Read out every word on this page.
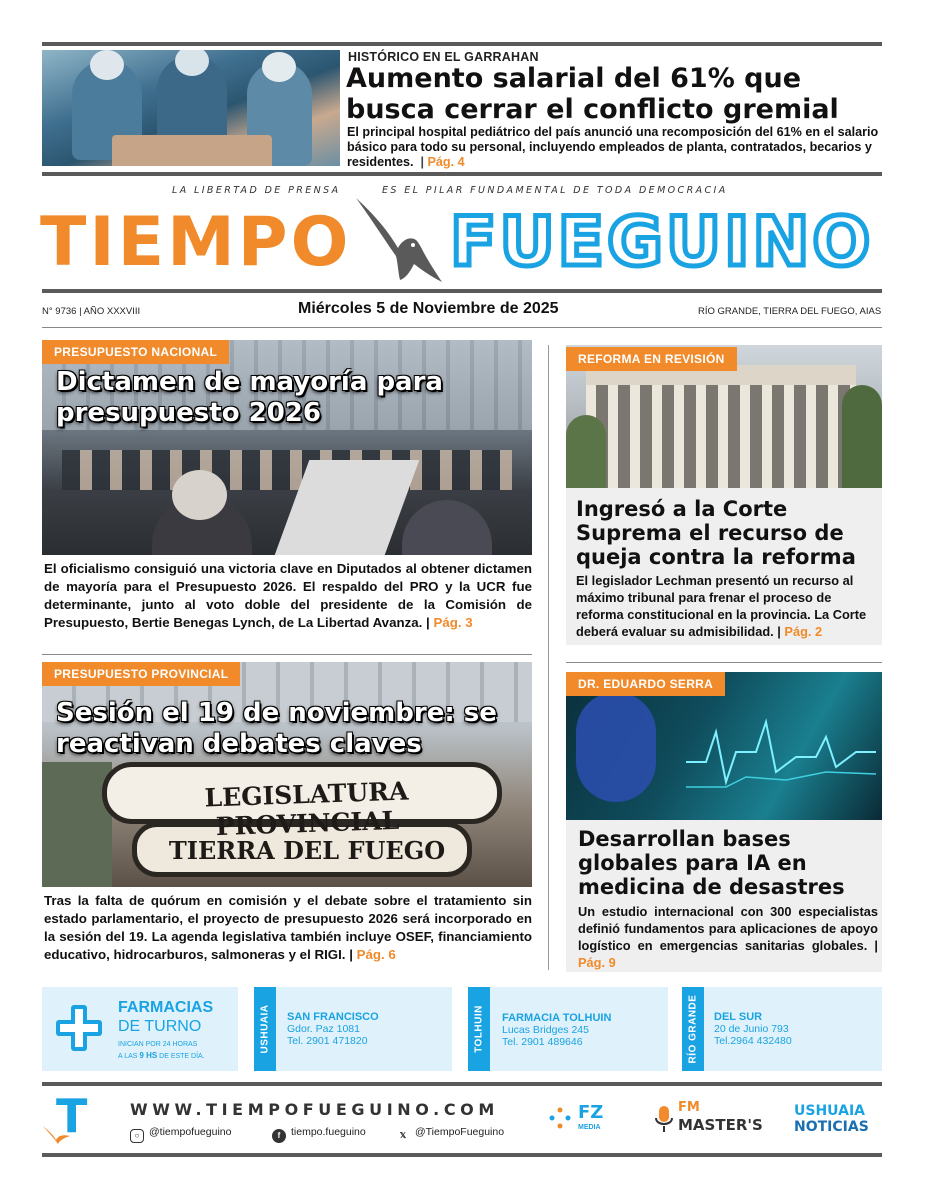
HISTÓRICO EN EL GARRAHAN
Aumento salarial del 61% que busca cerrar el conflicto gremial
El principal hospital pediátrico del país anunció una recomposición del 61% en el salario básico para todo su personal, incluyendo empleados de planta, contratados, becarios y residentes.  | Pág. 4
LA LIBERTAD DE PRENSA	ES EL PILAR FUNDAMENTAL DE TODA DEMOCRACIA
TIEMPO FUEGUINO
N° 9736 | AÑO XXXVIII	Miércoles 5 de Noviembre de 2025	RÍO GRANDE, TIERRA DEL FUEGO, AIAS
PRESUPUESTO NACIONAL
Dictamen de mayoría para presupuesto 2026
El oficialismo consiguió una victoria clave en Diputados al obtener dictamen de mayoría para el Presupuesto 2026. El respaldo del PRO y la UCR fue determinante, junto al voto doble del presidente de la Comisión de Presupuesto, Bertie Benegas Lynch, de La Libertad Avanza. | Pág. 3
LEGISLATURA PROVINCIAL
TIERRA DEL FUEGO
PRESUPUESTO PROVINCIAL
Sesión el 19 de noviembre: se reactivan debates claves
Tras la falta de quórum en comisión y el debate sobre el tratamiento sin estado parlamentario, el proyecto de presupuesto 2026 será incorporado en la sesión del 19. La agenda legislativa también incluye OSEF, financiamiento educativo, hidrocarburos, salmoneras y el RIGI. | Pág. 6
REFORMA EN REVISIÓN
Ingresó a la Corte Suprema el recurso de queja contra la reforma
El legislador Lechman presentó un recurso al máximo tribunal para frenar el proceso de reforma constitucional en la provincia. La Corte deberá evaluar su admisibilidad. | Pág. 2
DR. EDUARDO SERRA
Desarrollan bases globales para IA en medicina de desastres
Un estudio internacional con 300 especialistas definió fundamentos para aplicaciones de apoyo logístico en emergencias sanitarias globales. | Pág. 9
FARMACIAS
DE TURNO
INICIAN POR 24 HORAS
A LAS 9 HS DE ESTE DÍA.
USHUAIA SAN FRANCISCO
Gdor. Paz 1081
Tel. 2901 471820	TOLHUIN FARMACIA TOLHUIN
Lucas Bridges 245
Tel. 2901 489646	RÍO GRANDE DEL SUR
20 de Junio 793
Tel.2964 432480
T	WWW.TIEMPOFUEGUINO.COM
○ @tiempofueguino	f tiempo.fueguino	𝕏 @TiempoFueguino
FZ
MEDIA
FM
MASTER'S
USHUAIA
NOTICIAS
